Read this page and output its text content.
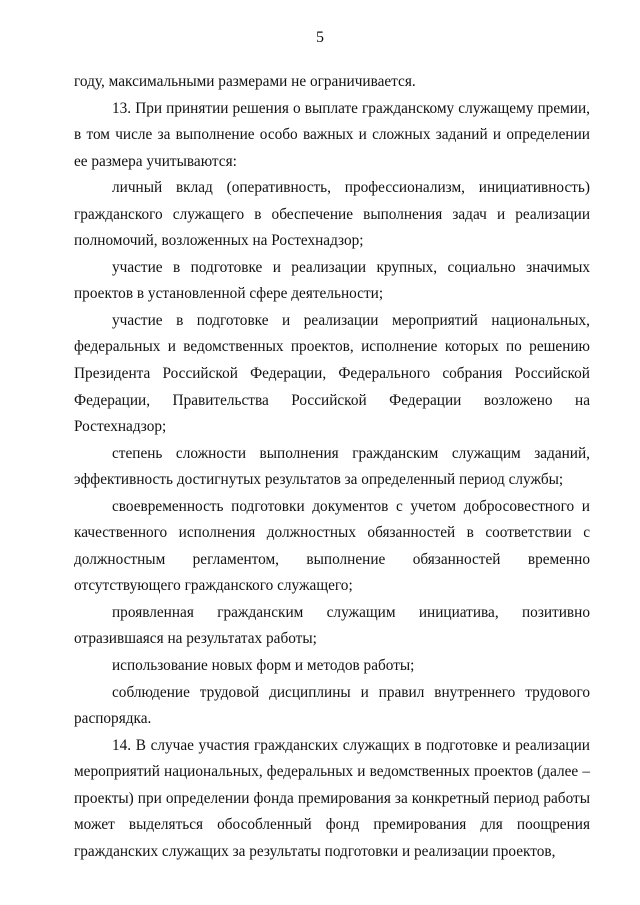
5

году, максимальными размерами не ограничивается.

13. При принятии решения о выплате гражданскому служащему премии, в том числе за выполнение особо важных и сложных заданий и определении ее размера учитываются:

личный вклад (оперативность, профессионализм, инициативность) гражданского служащего в обеспечение выполнения задач и реализации полномочий, возложенных на Ростехнадзор;

участие в подготовке и реализации крупных, социально значимых проектов в установленной сфере деятельности;

участие в подготовке и реализации мероприятий национальных, федеральных и ведомственных проектов, исполнение которых по решению Президента Российской Федерации, Федерального собрания Российской Федерации, Правительства Российской Федерации возложено на Ростехнадзор;

степень сложности выполнения гражданским служащим заданий, эффективность достигнутых результатов за определенный период службы;

своевременность подготовки документов с учетом добросовестного и качественного исполнения должностных обязанностей в соответствии с должностным регламентом, выполнение обязанностей временно отсутствующего гражданского служащего;

проявленная гражданским служащим инициатива, позитивно отразившаяся на результатах работы;

использование новых форм и методов работы;

соблюдение трудовой дисциплины и правил внутреннего трудового распорядка.

14. В случае участия гражданских служащих в подготовке и реализации мероприятий национальных, федеральных и ведомственных проектов (далее – проекты) при определении фонда премирования за конкретный период работы может выделяться обособленный фонд премирования для поощрения гражданских служащих за результаты подготовки и реализации проектов,
